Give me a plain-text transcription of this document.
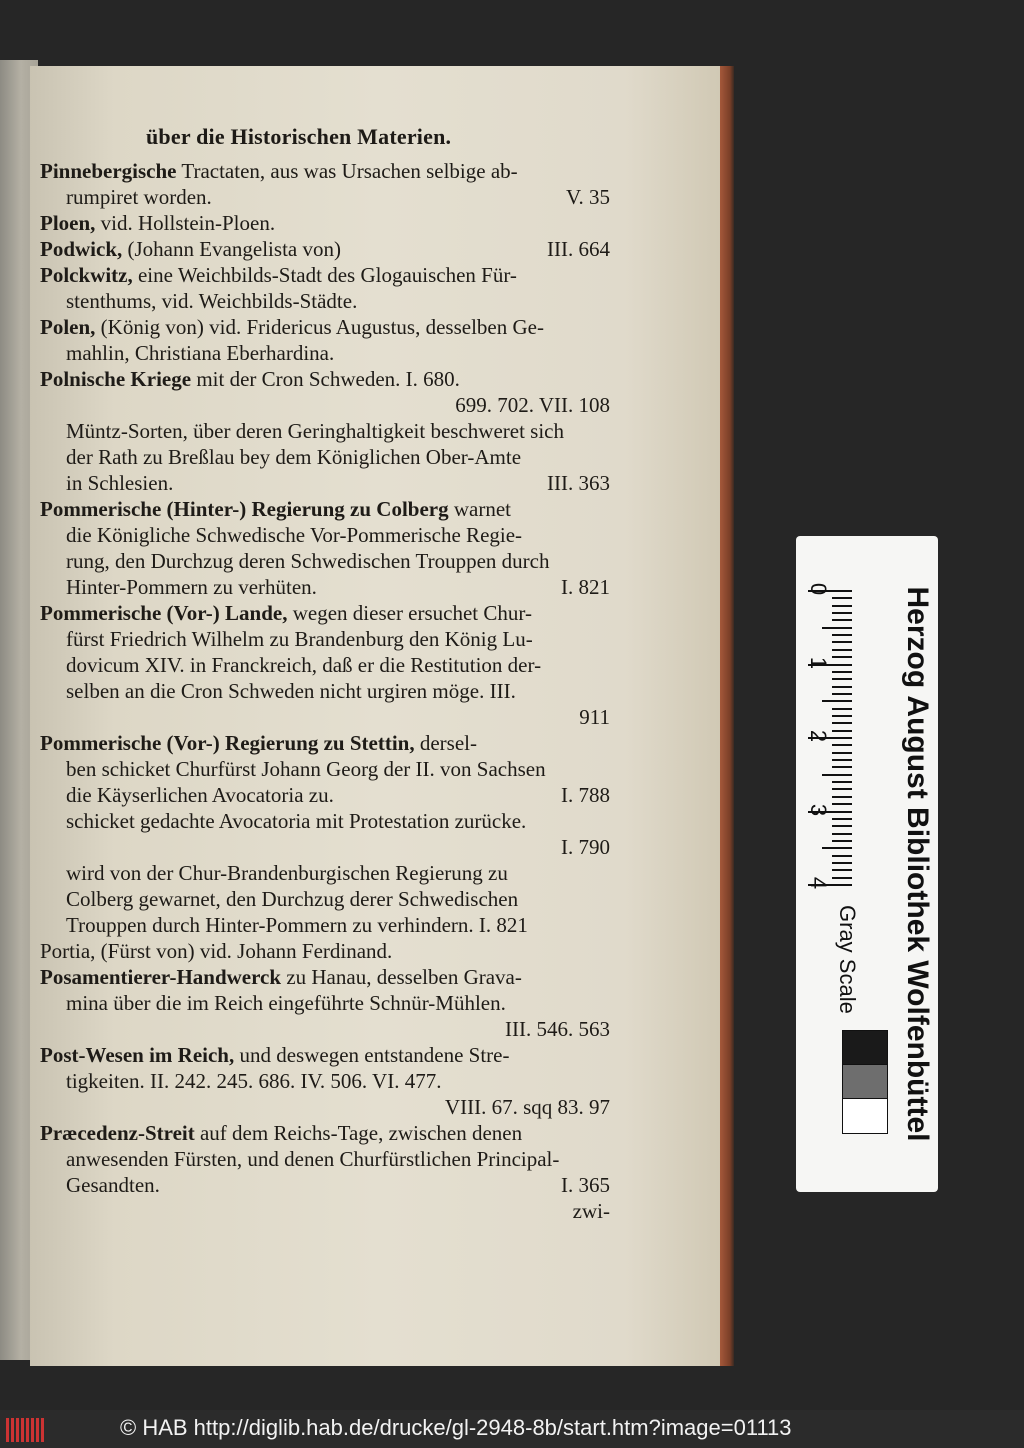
über die Historischen Materien.
Pinnebergische Tractaten, aus was Ursachen selbige ab-
rumpiret worden.	V. 35
Ploen, vid. Hollstein-Ploen.
Podwick, (Johann Evangelista von)	III. 664
Polckwitz, eine Weichbilds-Stadt des Glogauischen Für-
stenthums, vid. Weichbilds-Städte.
Polen, (König von) vid. Fridericus Augustus, desselben Ge-
mahlin, Christiana Eberhardina.
Polnische Kriege mit der Cron Schweden. I. 680.
699. 702. VII. 108
Müntz-Sorten, über deren Geringhaltigkeit beschweret sich
der Rath zu Breßlau bey dem Königlichen Ober-Amte
in Schlesien.	III. 363
Pommerische (Hinter-) Regierung zu Colberg warnet
die Königliche Schwedische Vor-Pommerische Regie-
rung, den Durchzug deren Schwedischen Trouppen durch
Hinter-Pommern zu verhüten.	I. 821
Pommerische (Vor-) Lande, wegen dieser ersuchet Chur-
fürst Friedrich Wilhelm zu Brandenburg den König Lu-
dovicum XIV. in Franckreich, daß er die Restitution der-
selben an die Cron Schweden nicht urgiren möge. III.
911
Pommerische (Vor-) Regierung zu Stettin, dersel-
ben schicket Churfürst Johann Georg der II. von Sachsen
die Käyserlichen Avocatoria zu.	I. 788
schicket gedachte Avocatoria mit Protestation zurücke.
I. 790
wird von der Chur-Brandenburgischen Regierung zu
Colberg gewarnet, den Durchzug derer Schwedischen
Trouppen durch Hinter-Pommern zu verhindern. I. 821
Portia, (Fürst von) vid. Johann Ferdinand.
Posamentierer-Handwerck zu Hanau, desselben Grava-
mina über die im Reich eingeführte Schnür-Mühlen.
III. 546. 563
Post-Wesen im Reich, und deswegen entstandene Stre-
tigkeiten. II. 242. 245. 686. IV. 506. VI. 477.
VIII. 67. sqq 83. 97
Præcedenz-Streit auf dem Reichs-Tage, zwischen denen
anwesenden Fürsten, und denen Churfürstlichen Principal-
Gesandten.	I. 365
zwi-
Herzog August Bibliothek Wolfenbüttel
Gray Scale
0
1
2
3
4
© HAB http://diglib.hab.de/drucke/gl-2948-8b/start.htm?image=01113
